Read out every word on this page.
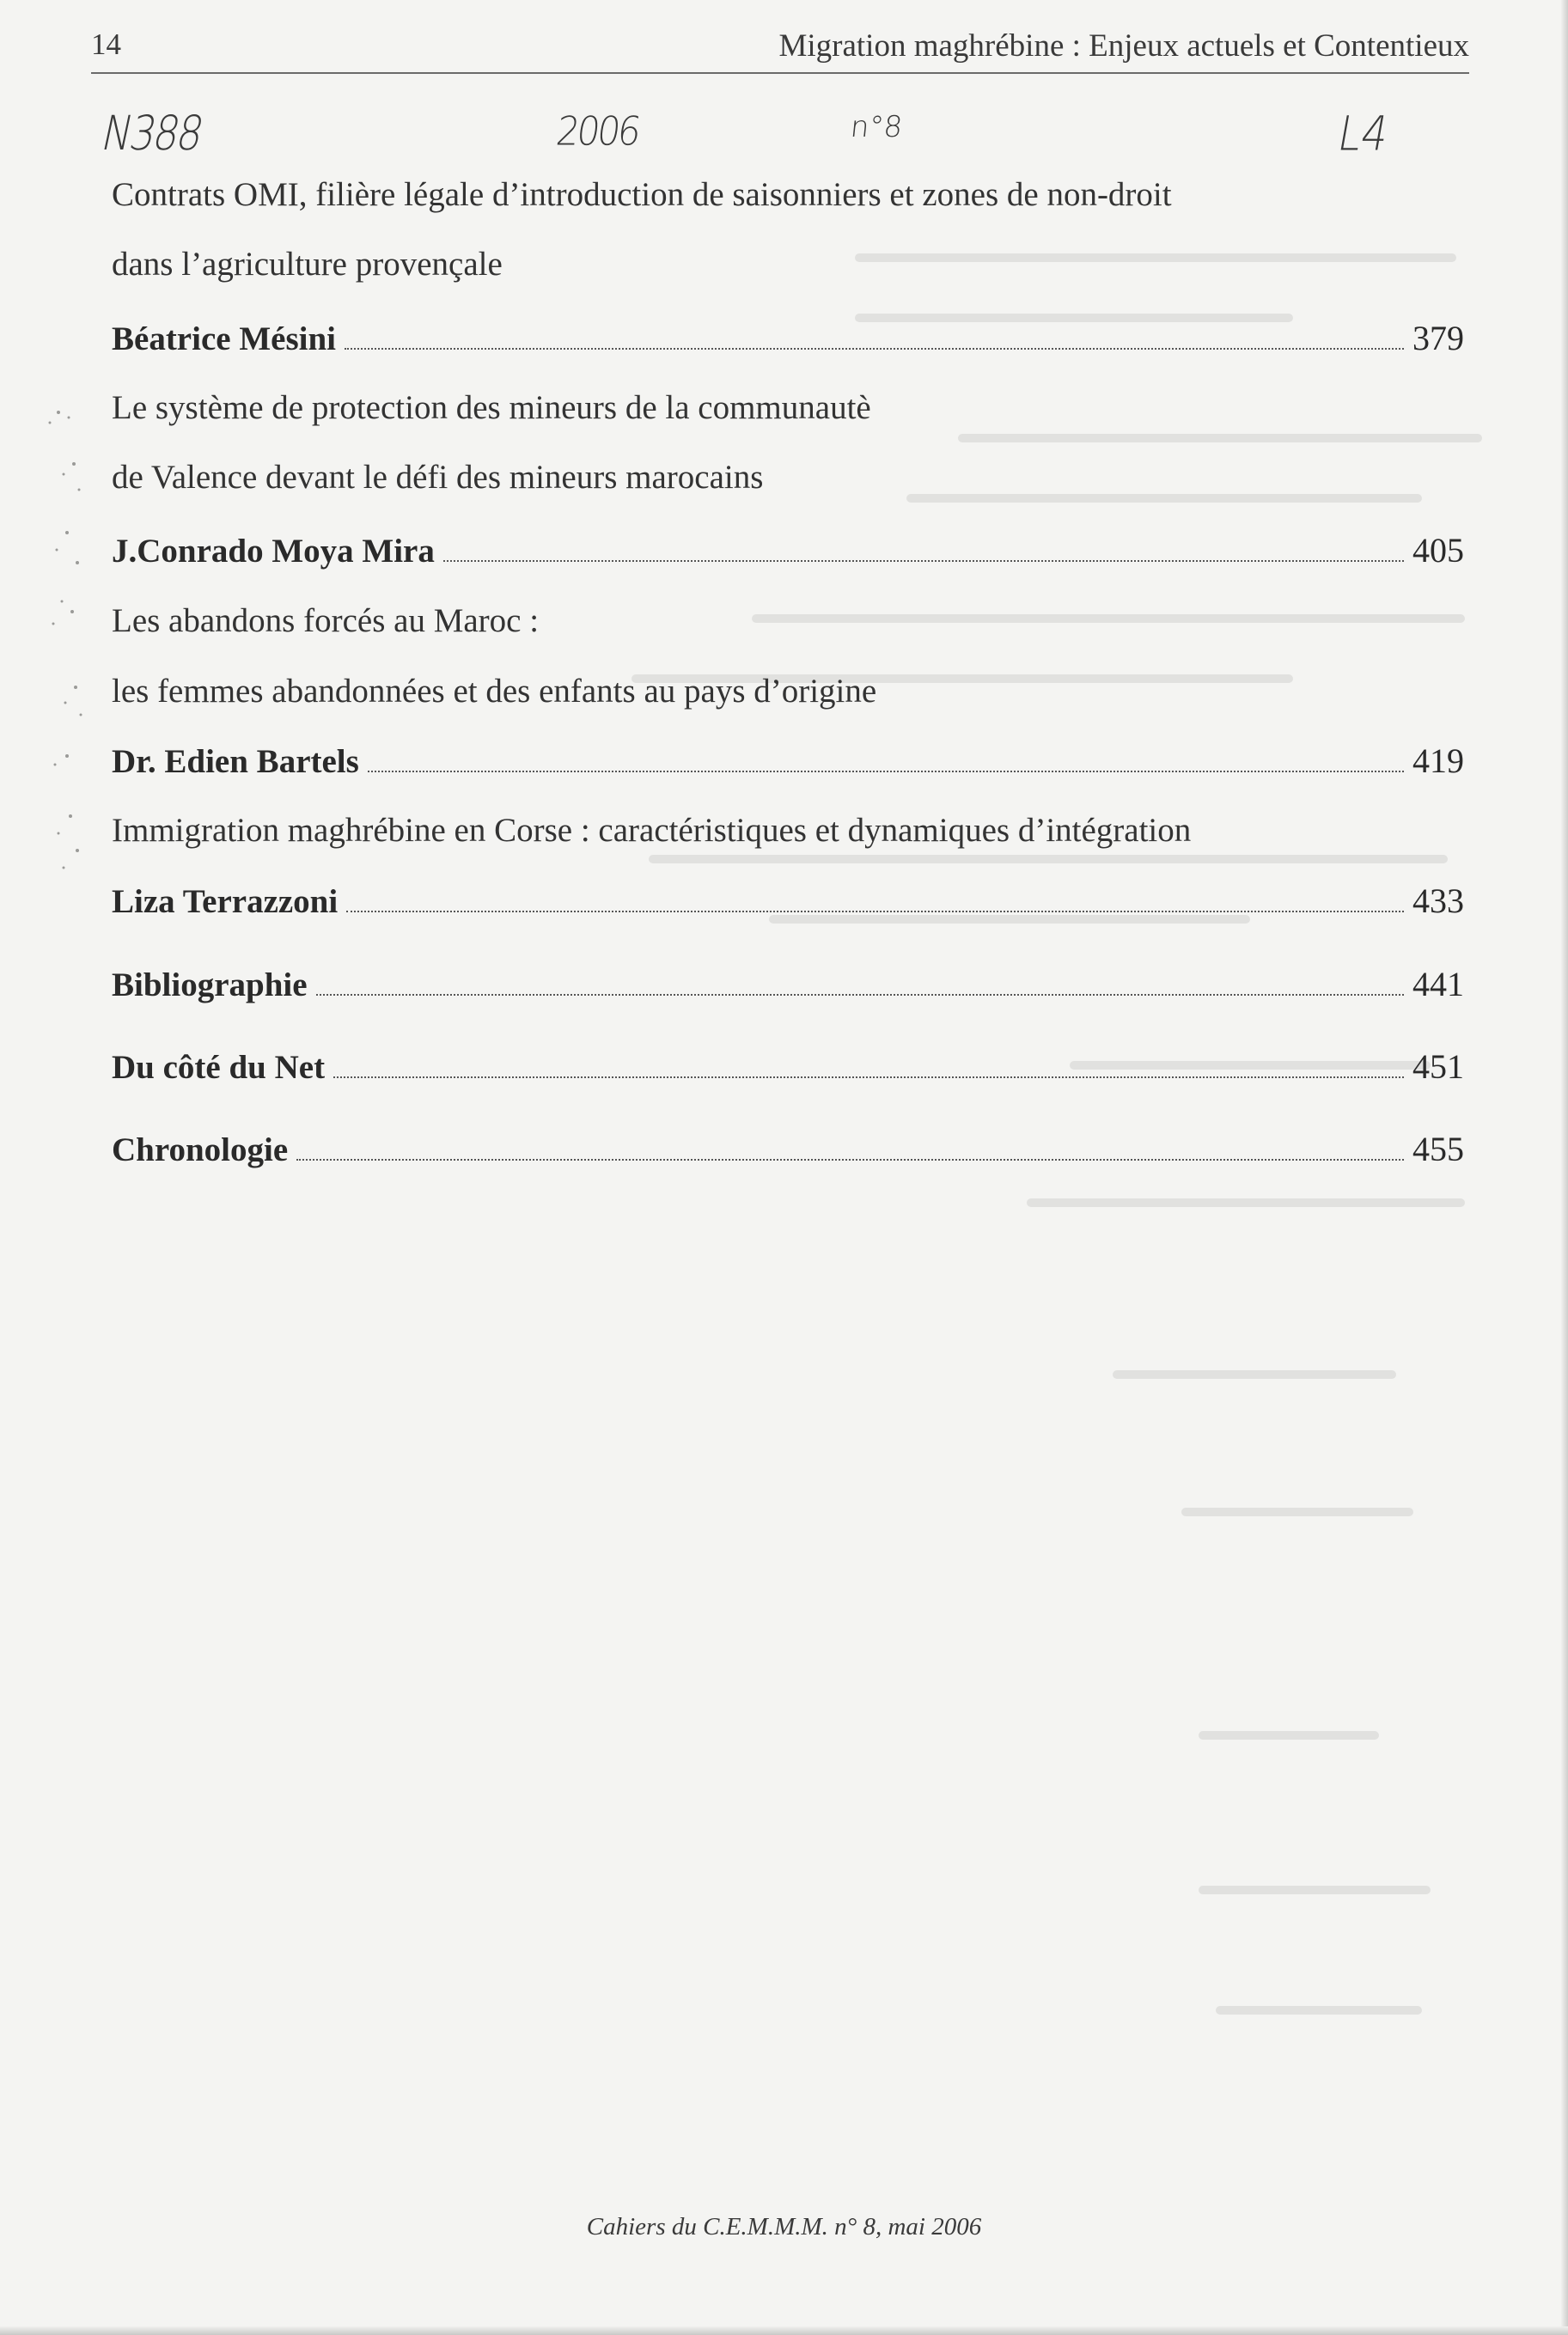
14	Migration maghrébine : Enjeux actuels et Contentieux
N388	2006	n°8	L4
Contrats OMI, filière légale d’introduction de saisonniers et zones de non-droit
dans l’agriculture provençale
Béatrice Mésini	379
Le système de protection des mineurs de la communautè
de Valence devant le défi des mineurs marocains
J.Conrado Moya Mira	405
Les abandons forcés au Maroc :
les femmes abandonnées et des enfants au pays d’origine
Dr. Edien Bartels	419
Immigration maghrébine en Corse : caractéristiques et dynamiques d’intégration
Liza Terrazzoni	433
Bibliographie	441
Du côté du Net	451
Chronologie	455
Cahiers du C.E.M.M.M. n° 8, mai 2006
